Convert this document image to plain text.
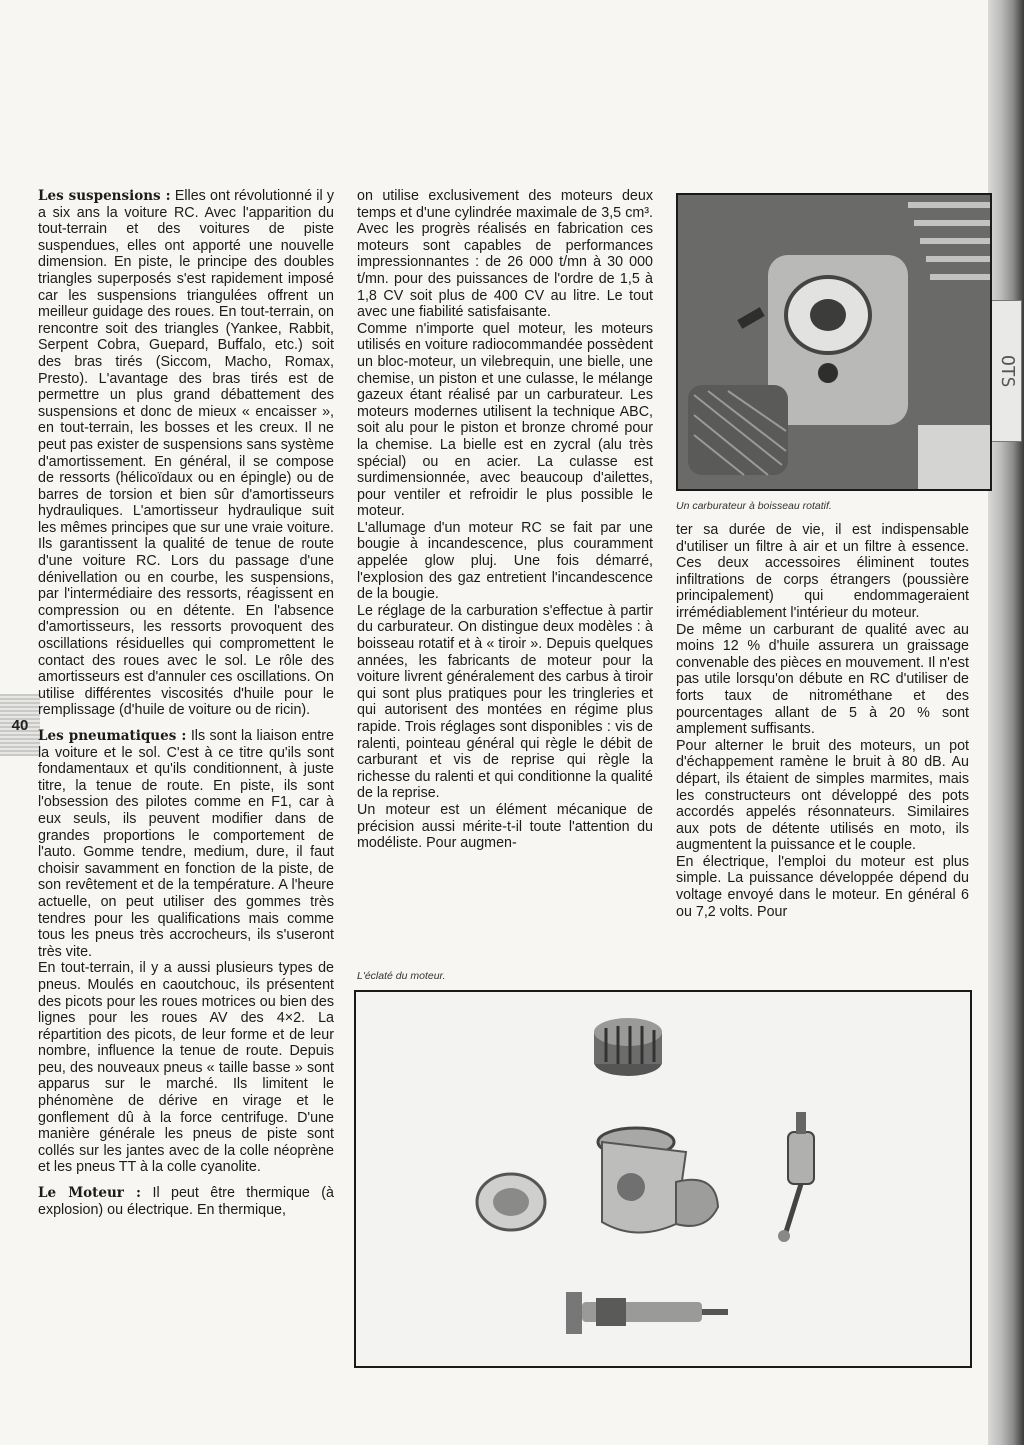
OTS
40

Les suspensions : Elles ont révolutionné il y a six ans la voiture RC. Avec l'apparition du tout-terrain et des voitures de piste suspendues, elles ont apporté une nouvelle dimension. En piste, le principe des doubles triangles superposés s'est rapidement imposé car les suspensions triangulées offrent un meilleur guidage des roues. En tout-terrain, on rencontre soit des triangles (Yankee, Rabbit, Serpent Cobra, Guepard, Buffalo, etc.) soit des bras tirés (Siccom, Macho, Romax, Presto). L'avantage des bras tirés est de permettre un plus grand débattement des suspensions et donc de mieux « encaisser », en tout-terrain, les bosses et les creux. Il ne peut pas exister de suspensions sans système d'amortissement. En général, il se compose de ressorts (hélicoïdaux ou en épingle) ou de barres de torsion et bien sûr d'amortisseurs hydrauliques. L'amortisseur hydraulique suit les mêmes principes que sur une vraie voiture. Ils garantissent la qualité de tenue de route d'une voiture RC. Lors du passage d'une dénivellation ou en courbe, les suspensions, par l'intermédiaire des ressorts, réagissent en compression ou en détente. En l'absence d'amortisseurs, les ressorts provoquent des oscillations résiduelles qui compromettent le contact des roues avec le sol. Le rôle des amortisseurs est d'annuler ces oscillations. On utilise différentes viscosités d'huile pour le remplissage (d'huile de voiture ou de ricin).

Les pneumatiques : Ils sont la liaison entre la voiture et le sol. C'est à ce titre qu'ils sont fondamentaux et qu'ils conditionnent, à juste titre, la tenue de route. En piste, ils sont l'obsession des pilotes comme en F1, car à eux seuls, ils peuvent modifier dans de grandes proportions le comportement de l'auto. Gomme tendre, medium, dure, il faut choisir savamment en fonction de la piste, de son revêtement et de la température. A l'heure actuelle, on peut utiliser des gommes très tendres pour les qualifications mais comme tous les pneus très accrocheurs, ils s'useront très vite.

En tout-terrain, il y a aussi plusieurs types de pneus. Moulés en caoutchouc, ils présentent des picots pour les roues motrices ou bien des lignes pour les roues AV des 4×2. La répartition des picots, de leur forme et de leur nombre, influence la tenue de route. Depuis peu, des nouveaux pneus « taille basse » sont apparus sur le marché. Ils limitent le phénomène de dérive en virage et le gonflement dû à la force centrifuge. D'une manière générale les pneus de piste sont collés sur les jantes avec de la colle néoprène et les pneus TT à la colle cyanolite.

Le Moteur : Il peut être thermique (à explosion) ou électrique. En thermique,

on utilise exclusivement des moteurs deux temps et d'une cylindrée maximale de 3,5 cm³. Avec les progrès réalisés en fabrication ces moteurs sont capables de performances impressionnantes : de 26 000 t/mn à 30 000 t/mn. pour des puissances de l'ordre de 1,5 à 1,8 CV soit plus de 400 CV au litre. Le tout avec une fiabilité satisfaisante.

Comme n'importe quel moteur, les moteurs utilisés en voiture radiocommandée possèdent un bloc-moteur, un vilebrequin, une bielle, une chemise, un piston et une culasse, le mélange gazeux étant réalisé par un carburateur. Les moteurs modernes utilisent la technique ABC, soit alu pour le piston et bronze chromé pour la chemise. La bielle est en zycral (alu très spécial) ou en acier. La culasse est surdimensionnée, avec beaucoup d'ailettes, pour ventiler et refroidir le plus possible le moteur.

L'allumage d'un moteur RC se fait par une bougie à incandescence, plus couramment appelée glow pluj. Une fois démarré, l'explosion des gaz entretient l'incandescence de la bougie.

Le réglage de la carburation s'effectue à partir du carburateur. On distingue deux modèles : à boisseau rotatif et à « tiroir ». Depuis quelques années, les fabricants de moteur pour la voiture livrent généralement des carbus à tiroir qui sont plus pratiques pour les tringleries et qui autorisent des montées en régime plus rapide. Trois réglages sont disponibles : vis de ralenti, pointeau général qui règle le débit de carburant et vis de reprise qui règle la richesse du ralenti et qui conditionne la qualité de la reprise.

Un moteur est un élément mécanique de précision aussi mérite-t-il toute l'attention du modéliste. Pour augmen-

Un carburateur à boisseau rotatif.

ter sa durée de vie, il est indispensable d'utiliser un filtre à air et un filtre à essence. Ces deux accessoires éliminent toutes infiltrations de corps étrangers (poussière principalement) qui endommageraient irrémédiablement l'intérieur du moteur.

De même un carburant de qualité avec au moins 12 % d'huile assurera un graissage convenable des pièces en mouvement. Il n'est pas utile lorsqu'on débute en RC d'utiliser de forts taux de nitrométhane et des pourcentages allant de 5 à 20 % sont amplement suffisants.

Pour alterner le bruit des moteurs, un pot d'échappement ramène le bruit à 80 dB. Au départ, ils étaient de simples marmites, mais les constructeurs ont développé des pots accordés appelés résonnateurs. Similaires aux pots de détente utilisés en moto, ils augmentent la puissance et le couple.

En électrique, l'emploi du moteur est plus simple. La puissance développée dépend du voltage envoyé dans le moteur. En général 6 ou 7,2 volts. Pour

L'éclaté du moteur.
